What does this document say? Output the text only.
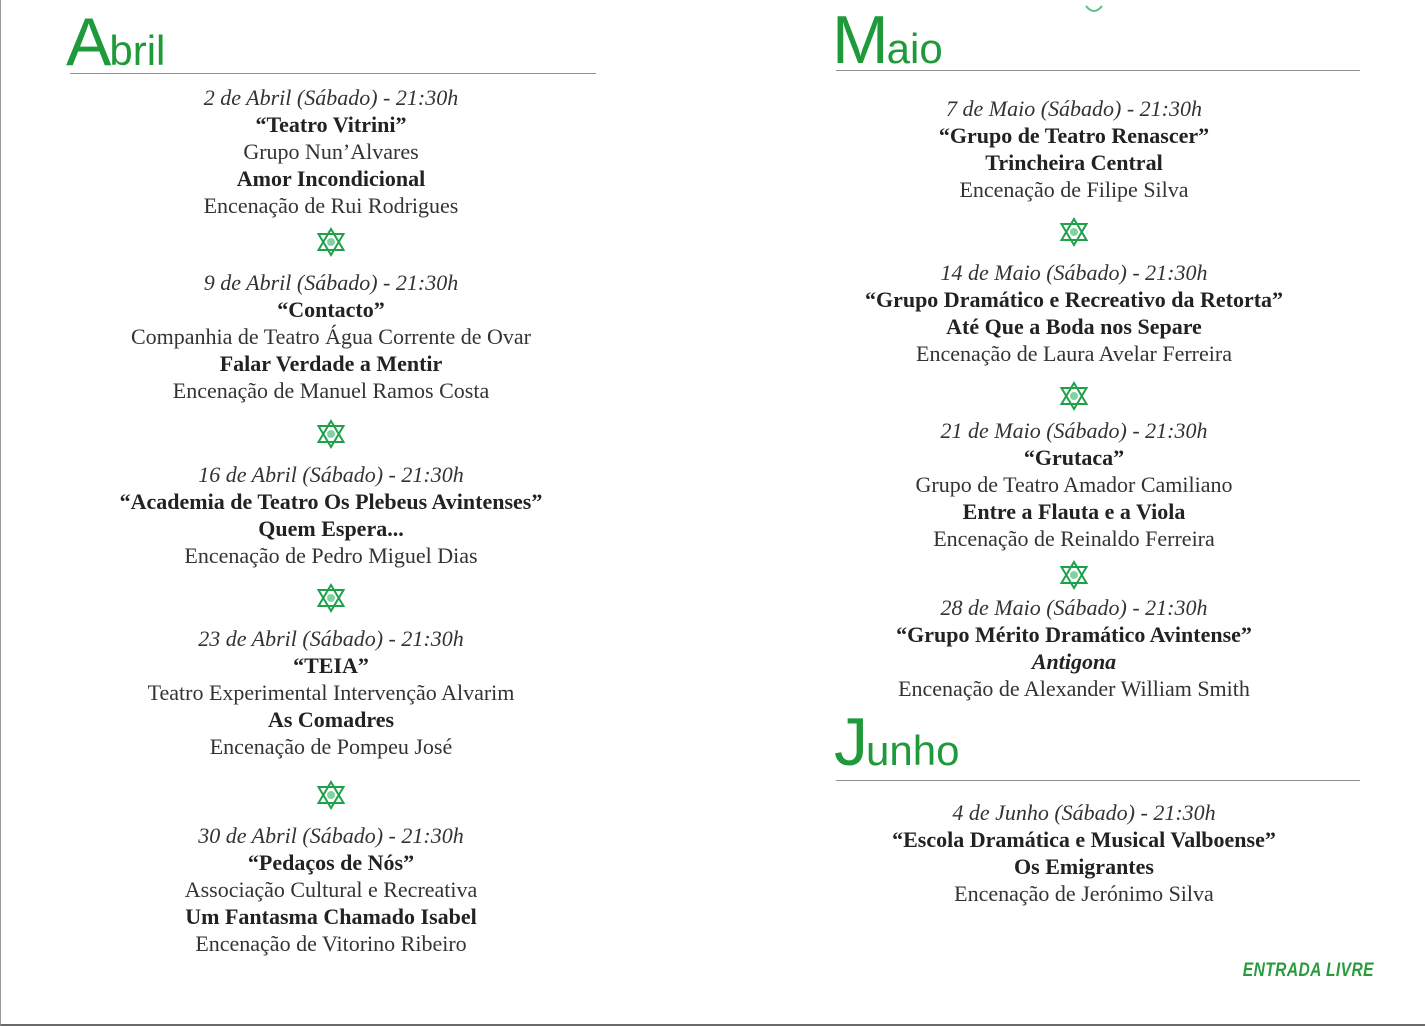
Abril
2 de Abril (Sábado) - 21:30h
“Teatro Vitrini”
Grupo Nun’Alvares
Amor Incondicional
Encenação de Rui Rodrigues
9 de Abril (Sábado) - 21:30h
“Contacto”
Companhia de Teatro Água Corrente de Ovar
Falar Verdade a Mentir
Encenação de Manuel Ramos Costa
16 de Abril (Sábado) - 21:30h
“Academia de Teatro Os Plebeus Avintenses”
Quem Espera...
Encenação de Pedro Miguel Dias
23 de Abril (Sábado) - 21:30h
“TEIA”
Teatro Experimental Intervenção Alvarim
As Comadres
Encenação de Pompeu José
30 de Abril (Sábado) - 21:30h
“Pedaços de Nós”
Associação Cultural e Recreativa
Um Fantasma Chamado Isabel
Encenação de Vitorino Ribeiro
Maio
7 de Maio (Sábado) - 21:30h
“Grupo de Teatro Renascer”
Trincheira Central
Encenação de Filipe Silva
14 de Maio (Sábado) - 21:30h
“Grupo Dramático e Recreativo da Retorta”
Até Que a Boda nos Separe
Encenação de Laura Avelar Ferreira
21 de Maio (Sábado) - 21:30h
“Grutaca”
Grupo de Teatro Amador Camiliano
Entre a Flauta e a Viola
Encenação de Reinaldo Ferreira
28 de Maio (Sábado) - 21:30h
“Grupo Mérito Dramático Avintense”
Antigona
Encenação de Alexander William Smith
Junho
4 de Junho (Sábado) - 21:30h
“Escola Dramática e Musical Valboense”
Os Emigrantes
Encenação de Jerónimo Silva
ENTRADA LIVRE
